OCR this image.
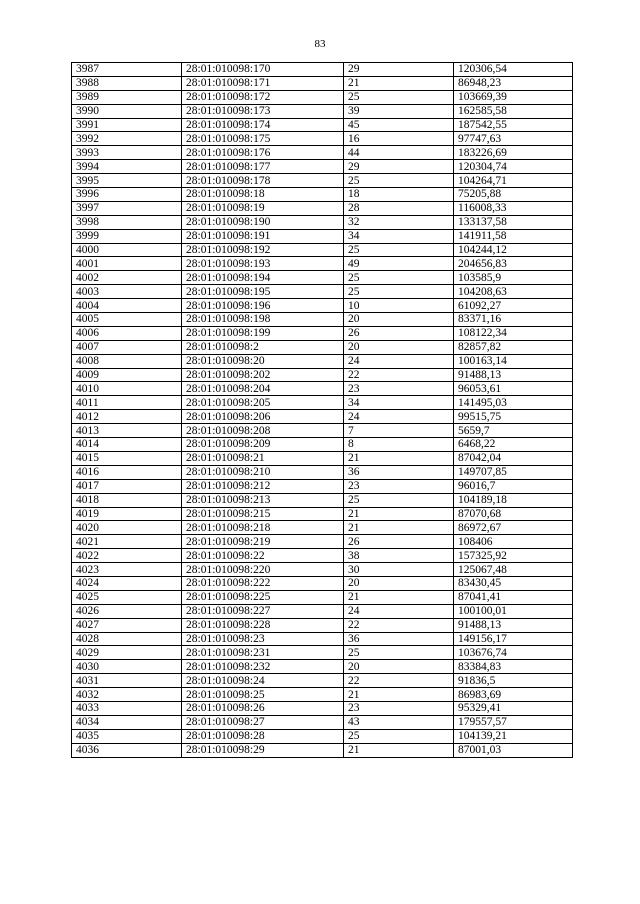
83
3987	28:01:010098:170	29	120306,54
3988	28:01:010098:171	21	86948,23
3989	28:01:010098:172	25	103669,39
3990	28:01:010098:173	39	162585,58
3991	28:01:010098:174	45	187542,55
3992	28:01:010098:175	16	97747,63
3993	28:01:010098:176	44	183226,69
3994	28:01:010098:177	29	120304,74
3995	28:01:010098:178	25	104264,71
3996	28:01:010098:18	18	75205,88
3997	28:01:010098:19	28	116008,33
3998	28:01:010098:190	32	133137,58
3999	28:01:010098:191	34	141911,58
4000	28:01:010098:192	25	104244,12
4001	28:01:010098:193	49	204656,83
4002	28:01:010098:194	25	103585,9
4003	28:01:010098:195	25	104208,63
4004	28:01:010098:196	10	61092,27
4005	28:01:010098:198	20	83371,16
4006	28:01:010098:199	26	108122,34
4007	28:01:010098:2	20	82857,82
4008	28:01:010098:20	24	100163,14
4009	28:01:010098:202	22	91488,13
4010	28:01:010098:204	23	96053,61
4011	28:01:010098:205	34	141495,03
4012	28:01:010098:206	24	99515,75
4013	28:01:010098:208	7	5659,7
4014	28:01:010098:209	8	6468,22
4015	28:01:010098:21	21	87042,04
4016	28:01:010098:210	36	149707,85
4017	28:01:010098:212	23	96016,7
4018	28:01:010098:213	25	104189,18
4019	28:01:010098:215	21	87070,68
4020	28:01:010098:218	21	86972,67
4021	28:01:010098:219	26	108406
4022	28:01:010098:22	38	157325,92
4023	28:01:010098:220	30	125067,48
4024	28:01:010098:222	20	83430,45
4025	28:01:010098:225	21	87041,41
4026	28:01:010098:227	24	100100,01
4027	28:01:010098:228	22	91488,13
4028	28:01:010098:23	36	149156,17
4029	28:01:010098:231	25	103676,74
4030	28:01:010098:232	20	83384,83
4031	28:01:010098:24	22	91836,5
4032	28:01:010098:25	21	86983,69
4033	28:01:010098:26	23	95329,41
4034	28:01:010098:27	43	179557,57
4035	28:01:010098:28	25	104139,21
4036	28:01:010098:29	21	87001,03
